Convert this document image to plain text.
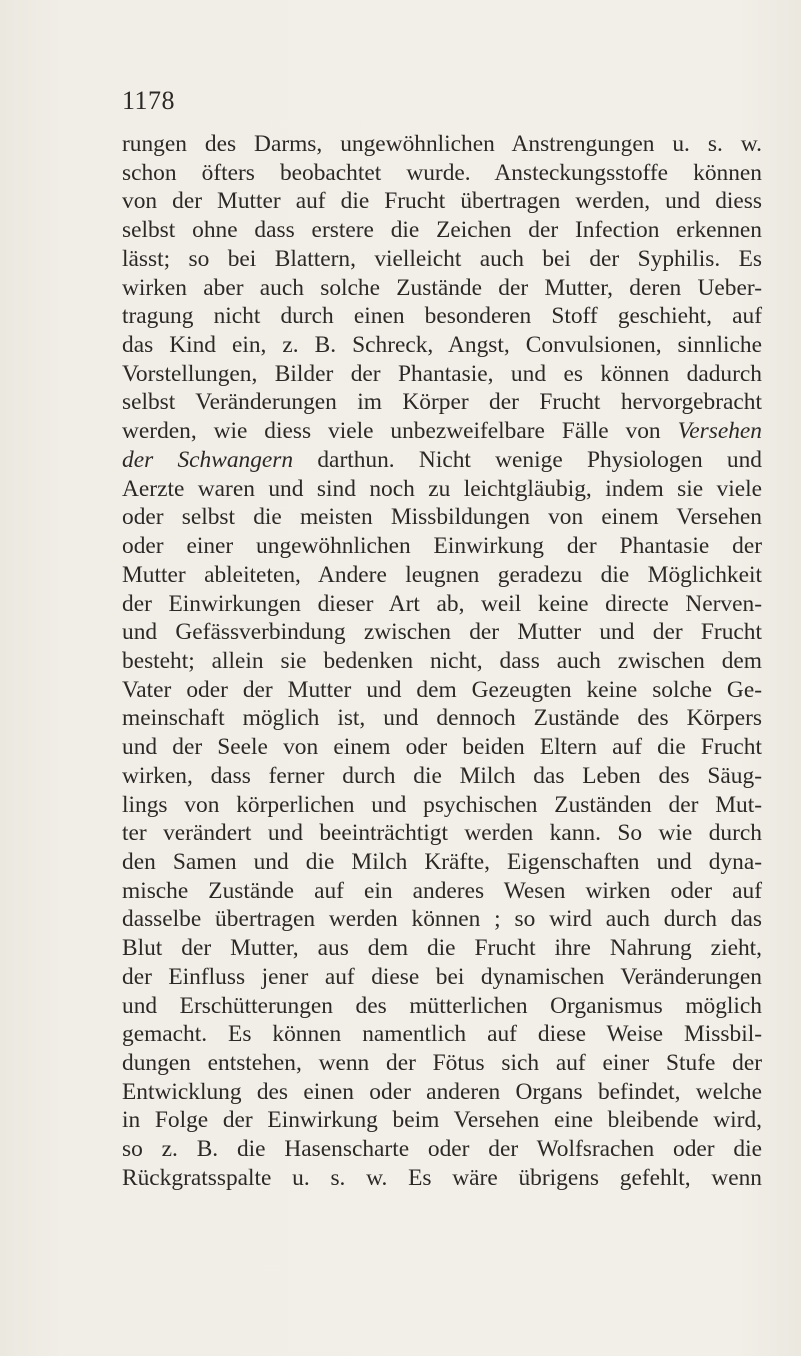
1178
rungen des Darms, ungewöhnlichen Anstrengungen u. s. w.
schon öfters beobachtet wurde. Ansteckungsstoffe können
von der Mutter auf die Frucht übertragen werden, und diess
selbst ohne dass erstere die Zeichen der Infection erkennen
lässt; so bei Blattern, vielleicht auch bei der Syphilis. Es
wirken aber auch solche Zustände der Mutter, deren Ueber-
tragung nicht durch einen besonderen Stoff geschieht, auf
das Kind ein, z. B. Schreck, Angst, Convulsionen, sinnliche
Vorstellungen, Bilder der Phantasie, und es können dadurch
selbst Veränderungen im Körper der Frucht hervorgebracht
werden, wie diess viele unbezweifelbare Fälle von Versehen
der Schwangern darthun. Nicht wenige Physiologen und
Aerzte waren und sind noch zu leichtgläubig, indem sie viele
oder selbst die meisten Missbildungen von einem Versehen
oder einer ungewöhnlichen Einwirkung der Phantasie der
Mutter ableiteten, Andere leugnen geradezu die Möglichkeit
der Einwirkungen dieser Art ab, weil keine directe Nerven-
und Gefässverbindung zwischen der Mutter und der Frucht
besteht; allein sie bedenken nicht, dass auch zwischen dem
Vater oder der Mutter und dem Gezeugten keine solche Ge-
meinschaft möglich ist, und dennoch Zustände des Körpers
und der Seele von einem oder beiden Eltern auf die Frucht
wirken, dass ferner durch die Milch das Leben des Säug-
lings von körperlichen und psychischen Zuständen der Mut-
ter verändert und beeinträchtigt werden kann. So wie durch
den Samen und die Milch Kräfte, Eigenschaften und dyna-
mische Zustände auf ein anderes Wesen wirken oder auf
dasselbe übertragen werden können ; so wird auch durch das
Blut der Mutter, aus dem die Frucht ihre Nahrung zieht,
der Einfluss jener auf diese bei dynamischen Veränderungen
und Erschütterungen des mütterlichen Organismus möglich
gemacht. Es können namentlich auf diese Weise Missbil-
dungen entstehen, wenn der Fötus sich auf einer Stufe der
Entwicklung des einen oder anderen Organs befindet, welche
in Folge der Einwirkung beim Versehen eine bleibende wird,
so z. B. die Hasenscharte oder der Wolfsrachen oder die
Rückgratsspalte u. s. w. Es wäre übrigens gefehlt, wenn
